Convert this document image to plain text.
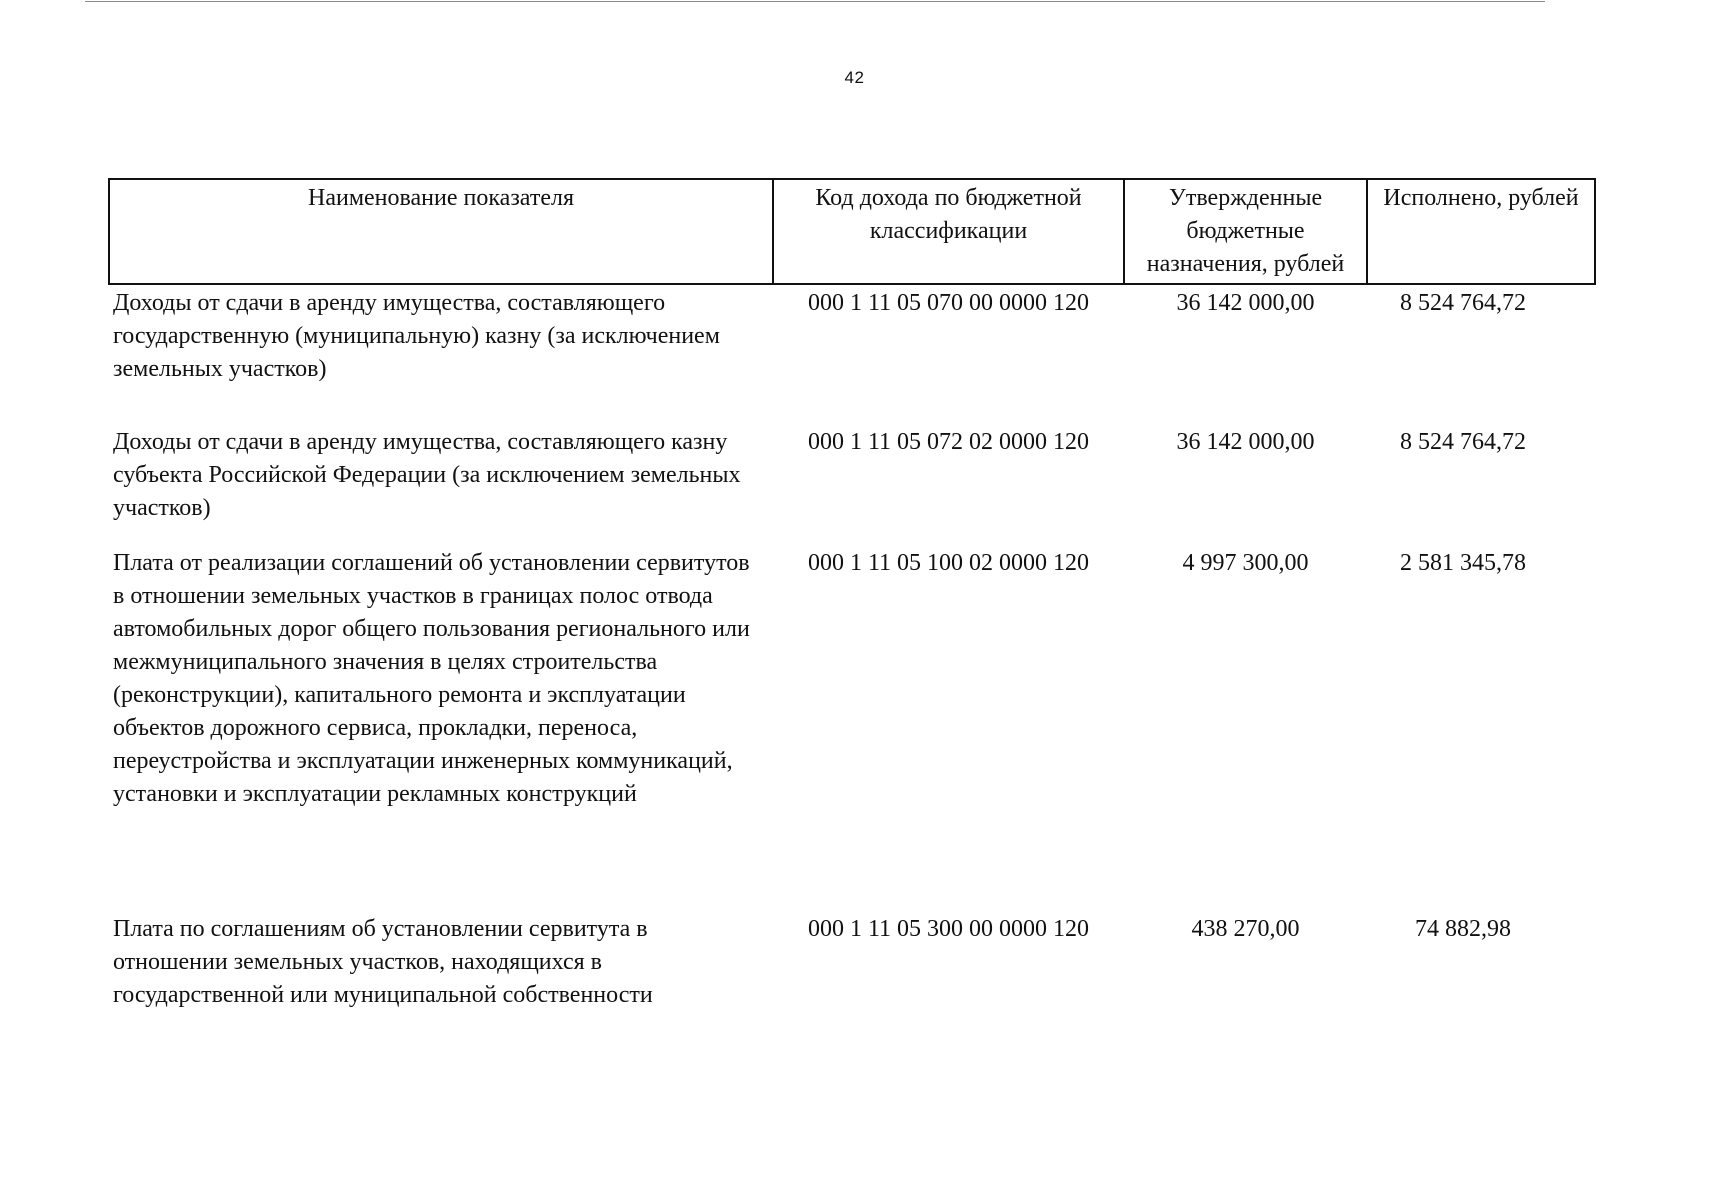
42
Наименование показателя	Код дохода по бюджетной классификации	Утвержденные бюджетные назначения, рублей	Исполнено, рублей
Доходы от сдачи в аренду имущества, составляющего государственную (муниципальную) казну (за исключением земельных участков)	000 1 11 05 070 00 0000 120	36 142 000,00	8 524 764,72
Доходы от сдачи в аренду имущества, составляющего казну субъекта Российской Федерации (за исключением земельных участков)	000 1 11 05 072 02 0000 120	36 142 000,00	8 524 764,72
Плата от реализации соглашений об установлении сервитутов в отношении земельных участков в границах полос отвода автомобильных дорог общего пользования регионального или межмуниципального значения в целях строительства (реконструкции), капитального ремонта и эксплуатации объектов дорожного сервиса, прокладки, переноса, переустройства и эксплуатации инженерных коммуникаций, установки и эксплуатации рекламных конструкций	000 1 11 05 100 02 0000 120	4 997 300,00	2 581 345,78
Плата по соглашениям об установлении сервитута в отношении земельных участков, находящихся в государственной или муниципальной собственности	000 1 11 05 300 00 0000 120	438 270,00	74 882,98
